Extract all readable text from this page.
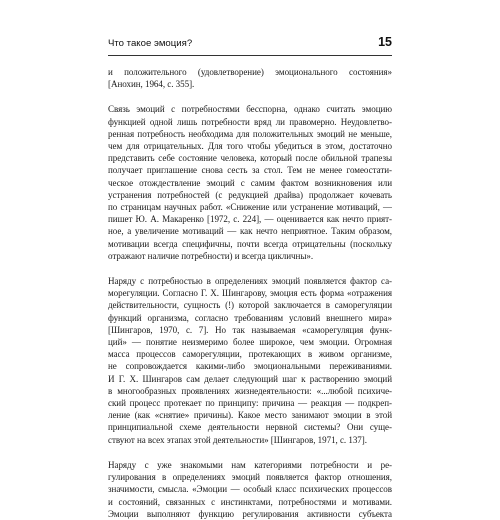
Что такое эмоция?	15
и положительного (удовлетворение) эмоционального состояния»
[Анохин, 1964, с. 355].
Связь эмоций с потребностями бесспорна, однако считать эмоцию
функцией одной лишь потребности вряд ли правомерно. Неудовлетво-
ренная потребность необходима для положительных эмоций не меньше,
чем для отрицательных. Для того чтобы убедиться в этом, достаточно
представить себе состояние человека, который после обильной трапезы
получает приглашение снова сесть за стол. Тем не менее гомеостати-
ческое отождествление эмоций с самим фактом возникновения или
устранения потребностей (с редукцией драйва) продолжает кочевать
по страницам научных работ. «Снижение или устранение мотиваций, —
пишет Ю. А. Макаренко [1972, с. 224], — оценивается как нечто прият-
ное, а увеличение мотиваций — как нечто неприятное. Таким образом,
мотивации всегда специфичны, почти всегда отрицательны (поскольку
отражают наличие потребности) и всегда цикличны».
Наряду с потребностью в определениях эмоций появляется фактор са-
морегуляции. Согласно Г. Х. Шингарову, эмоция есть форма «отражения
действительности, сущность (!) которой заключается в саморегуляции
функций организма, согласно требованиям условий внешнего мира»
[Шингаров, 1970, с. 7]. Но так называемая «саморегуляция функ-
ций» — понятие неизмеримо более широкое, чем эмоции. Огромная
масса процессов саморегуляции, протекающих в живом организме,
не сопровождается какими-либо эмоциональными переживаниями.
И Г. Х. Шингаров сам делает следующий шаг к растворению эмоций
в многообразных проявлениях жизнедеятельности: «...любой психиче-
ский процесс протекает по принципу: причина — реакция — подкреп-
ление (как «снятие» причины). Какое место занимают эмоции в этой
принципиальной схеме деятельности нервной системы? Они суще-
ствуют на всех этапах этой деятельности» [Шингаров, 1971, с. 137].
Наряду с уже знакомыми нам категориями потребности и ре-
гулирования в определениях эмоций появляется фактор отношения,
значимости, смысла. «Эмоции — особый класс психических процессов
и состояний, связанных с инстинктами, потребностями и мотивами.
Эмоции выполняют функцию регулирования активности субъекта
